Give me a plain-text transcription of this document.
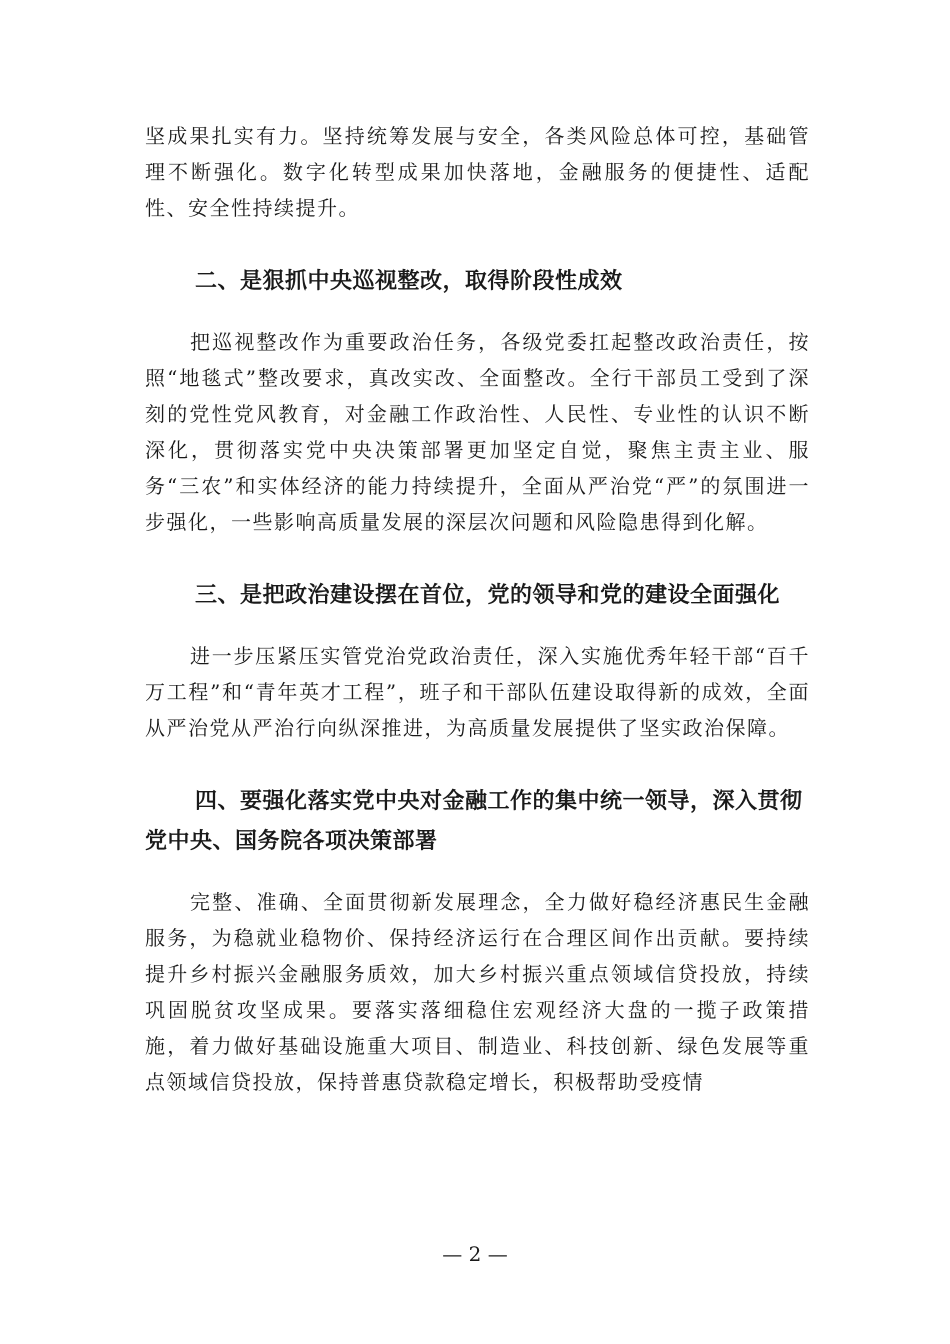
坚成果扎实有力。坚持统筹发展与安全，各类风险总体可控，基础管理不断强化。数字化转型成果加快落地，金融服务的便捷性、适配性、安全性持续提升。

二、是狠抓中央巡视整改，取得阶段性成效

把巡视整改作为重要政治任务，各级党委扛起整改政治责任，按照“地毯式”整改要求，真改实改、全面整改。全行干部员工受到了深刻的党性党风教育，对金融工作政治性、人民性、专业性的认识不断深化，贯彻落实党中央决策部署更加坚定自觉，聚焦主责主业、服务“三农”和实体经济的能力持续提升，全面从严治党“严”的氛围进一步强化，一些影响高质量发展的深层次问题和风险隐患得到化解。

三、是把政治建设摆在首位，党的领导和党的建设全面强化

进一步压紧压实管党治党政治责任，深入实施优秀年轻干部“百千万工程”和“青年英才工程”，班子和干部队伍建设取得新的成效，全面从严治党从严治行向纵深推进，为高质量发展提供了坚实政治保障。

四、要强化落实党中央对金融工作的集中统一领导，深入贯彻党中央、国务院各项决策部署

完整、准确、全面贯彻新发展理念，全力做好稳经济惠民生金融服务，为稳就业稳物价、保持经济运行在合理区间作出贡献。要持续提升乡村振兴金融服务质效，加大乡村振兴重点领域信贷投放，持续巩固脱贫攻坚成果。要落实落细稳住宏观经济大盘的一揽子政策措施，着力做好基础设施重大项目、制造业、科技创新、绿色发展等重点领域信贷投放，保持普惠贷款稳定增长，积极帮助受疫情

— 2 —
